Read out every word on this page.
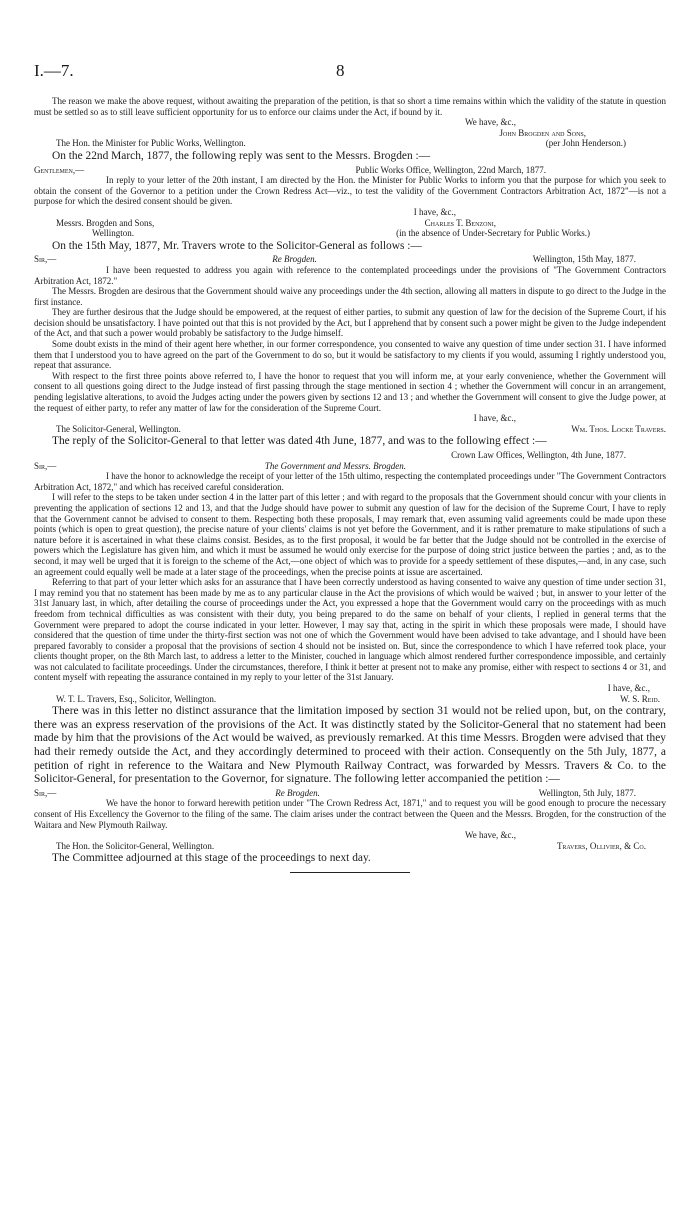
I.—7.	8

The reason we make the above request, without awaiting the preparation of the petition, is that so short a time remains within which the validity of the statute in question must be settled so as to still leave sufficient opportunity for us to enforce our claims under the Act, if bound by it.

We have, &c.,
John Brogden and Sons,
The Hon. the Minister for Public Works, Wellington.	(per John Henderson.)

On the 22nd March, 1877, the following reply was sent to the Messrs. Brogden :—

Gentlemen,—	Public Works Office, Wellington, 22nd March, 1877.

In reply to your letter of the 20th instant, I am directed by the Hon. the Minister for Public Works to inform you that the purpose for which you seek to obtain the consent of the Governor to a petition under the Crown Redress Act—viz., to test the validity of the Government Contractors Arbitration Act, 1872"—is not a purpose for which the desired consent should be given.

I have, &c.,
Messrs. Brogden and Sons,	Charles T. Benzoni,
Wellington.	(in the absence of Under-Secretary for Public Works.)

On the 15th May, 1877, Mr. Travers wrote to the Solicitor-General as follows :—

Sir,—	Re Brogden.	Wellington, 15th May, 1877.

I have been requested to address you again with reference to the contemplated proceedings under the provisions of "The Government Contractors Arbitration Act, 1872."

The Messrs. Brogden are desirous that the Government should waive any proceedings under the 4th section, allowing all matters in dispute to go direct to the Judge in the first instance.

They are further desirous that the Judge should be empowered, at the request of either parties, to submit any question of law for the decision of the Supreme Court, if his decision should be unsatisfactory. I have pointed out that this is not provided by the Act, but I apprehend that by consent such a power might be given to the Judge independent of the Act, and that such a power would probably be satisfactory to the Judge himself.

Some doubt exists in the mind of their agent here whether, in our former correspondence, you consented to waive any question of time under section 31. I have informed them that I understood you to have agreed on the part of the Government to do so, but it would be satisfactory to my clients if you would, assuming I rightly understood you, repeat that assurance.

With respect to the first three points above referred to, I have the honor to request that you will inform me, at your early convenience, whether the Government will consent to all questions going direct to the Judge instead of first passing through the stage mentioned in section 4 ; whether the Government will concur in an arrangement, pending legislative alterations, to avoid the Judges acting under the powers given by sections 12 and 13 ; and whether the Government will consent to give the Judge power, at the request of either party, to refer any matter of law for the consideration of the Supreme Court.

I have, &c.,
The Solicitor-General, Wellington.	Wm. Thos. Locke Travers.

The reply of the Solicitor-General to that letter was dated 4th June, 1877, and was to the following effect :—

Crown Law Offices, Wellington, 4th June, 1877.
Sir,—	The Government and Messrs. Brogden.

I have the honor to acknowledge the receipt of your letter of the 15th ultimo, respecting the contemplated proceedings under "The Government Contractors Arbitration Act, 1872," and which has received careful consideration.

I will refer to the steps to be taken under section 4 in the latter part of this letter ; and with regard to the proposals that the Government should concur with your clients in preventing the application of sections 12 and 13, and that the Judge should have power to submit any question of law for the decision of the Supreme Court, I have to reply that the Government cannot be advised to consent to them. Respecting both these proposals, I may remark that, even assuming valid agreements could be made upon these points (which is open to great question), the precise nature of your clients' claims is not yet before the Government, and it is rather premature to make stipulations of such a nature before it is ascertained in what these claims consist. Besides, as to the first proposal, it would be far better that the Judge should not be controlled in the exercise of powers which the Legislature has given him, and which it must be assumed he would only exercise for the purpose of doing strict justice between the parties ; and, as to the second, it may well be urged that it is foreign to the scheme of the Act,—one object of which was to provide for a speedy settlement of these disputes,—and, in any case, such an agreement could equally well be made at a later stage of the proceedings, when the precise points at issue are ascertained.

Referring to that part of your letter which asks for an assurance that I have been correctly understood as having consented to waive any question of time under section 31, I may remind you that no statement has been made by me as to any particular clause in the Act the provisions of which would be waived ; but, in answer to your letter of the 31st January last, in which, after detailing the course of proceedings under the Act, you expressed a hope that the Government would carry on the proceedings with as much freedom from technical difficulties as was consistent with their duty, you being prepared to do the same on behalf of your clients, I replied in general terms that the Government were prepared to adopt the course indicated in your letter. However, I may say that, acting in the spirit in which these proposals were made, I should have considered that the question of time under the thirty-first section was not one of which the Government would have been advised to take advantage, and I should have been prepared favorably to consider a proposal that the provisions of section 4 should not be insisted on. But, since the correspondence to which I have referred took place, your clients thought proper, on the 8th March last, to address a letter to the Minister, couched in language which almost rendered further correspondence impossible, and certainly was not calculated to facilitate proceedings. Under the circumstances, therefore, I think it better at present not to make any promise, either with respect to sections 4 or 31, and content myself with repeating the assurance contained in my reply to your letter of the 31st January.

I have, &c.,
W. T. L. Travers, Esq., Solicitor, Wellington.	W. S. Reid.

There was in this letter no distinct assurance that the limitation imposed by section 31 would not be relied upon, but, on the contrary, there was an express reservation of the provisions of the Act. It was distinctly stated by the Solicitor-General that no statement had been made by him that the provisions of the Act would be waived, as previously remarked. At this time Messrs. Brogden were advised that they had their remedy outside the Act, and they accordingly determined to proceed with their action. Consequently on the 5th July, 1877, a petition of right in reference to the Waitara and New Plymouth Railway Contract, was forwarded by Messrs. Travers & Co. to the Solicitor-General, for presentation to the Governor, for signature. The following letter accompanied the petition :—

Sir,—	Re Brogden.	Wellington, 5th July, 1877.

We have the honor to forward herewith petition under "The Crown Redress Act, 1871," and to request you will be good enough to procure the necessary consent of His Excellency the Governor to the filing of the same. The claim arises under the contract between the Queen and the Messrs. Brogden, for the construction of the Waitara and New Plymouth Railway.

We have, &c.,
The Hon. the Solicitor-General, Wellington.	Travers, Ollivier, & Co.

The Committee adjourned at this stage of the proceedings to next day.
